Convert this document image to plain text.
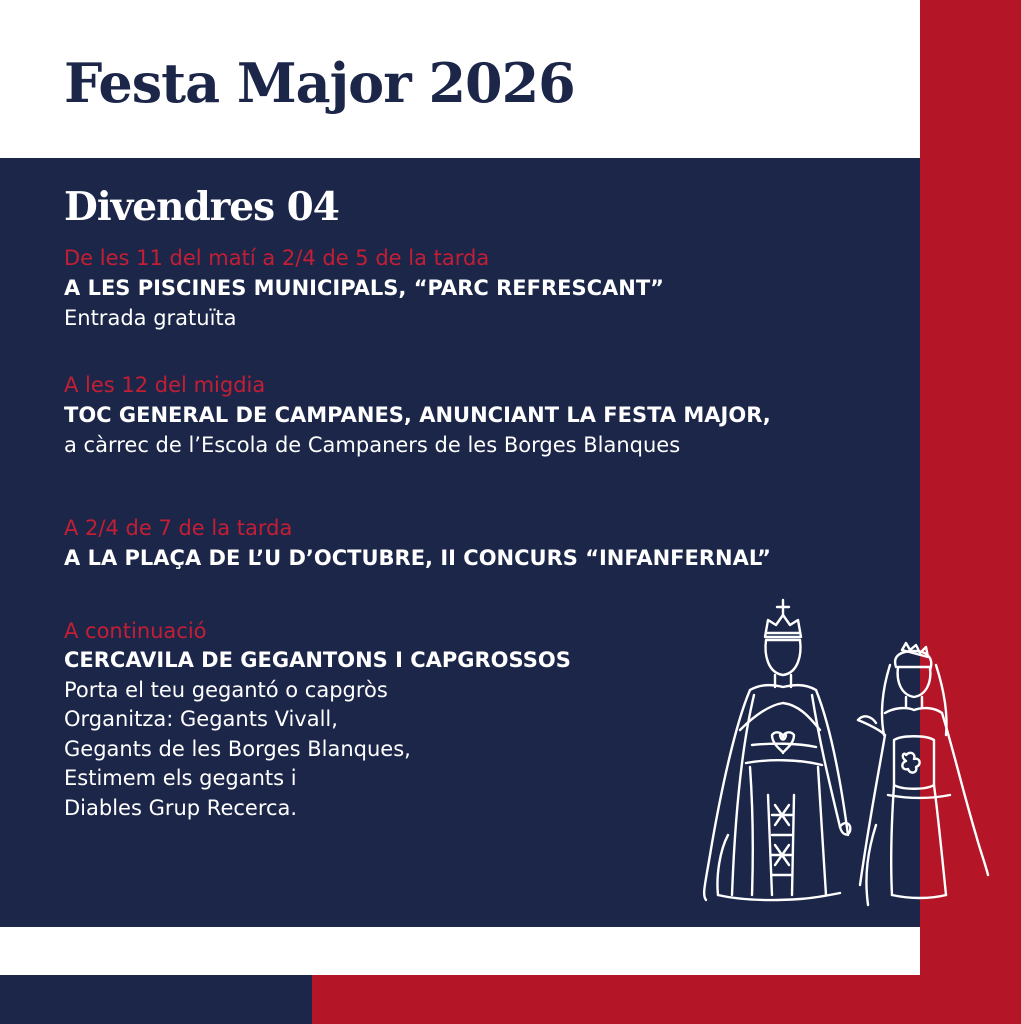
Festa Major 2026
Divendres 04
De les 11 del matí a 2/4 de 5 de la tarda
A LES PISCINES MUNICIPALS, “PARC REFRESCANT”
Entrada gratuïta
A les 12 del migdia
TOC GENERAL DE CAMPANES, ANUNCIANT LA FESTA MAJOR,
a càrrec de l’Escola de Campaners de les Borges Blanques
A 2/4 de 7 de la tarda
A LA PLAÇA DE L’U D’OCTUBRE, II CONCURS “INFANFERNAL”
A continuació
CERCAVILA DE GEGANTONS I CAPGROSSOS
Porta el teu gegantó o capgròs
Organitza: Gegants Vivall,
Gegants de les Borges Blanques,
Estimem els gegants i
Diables Grup Recerca.
